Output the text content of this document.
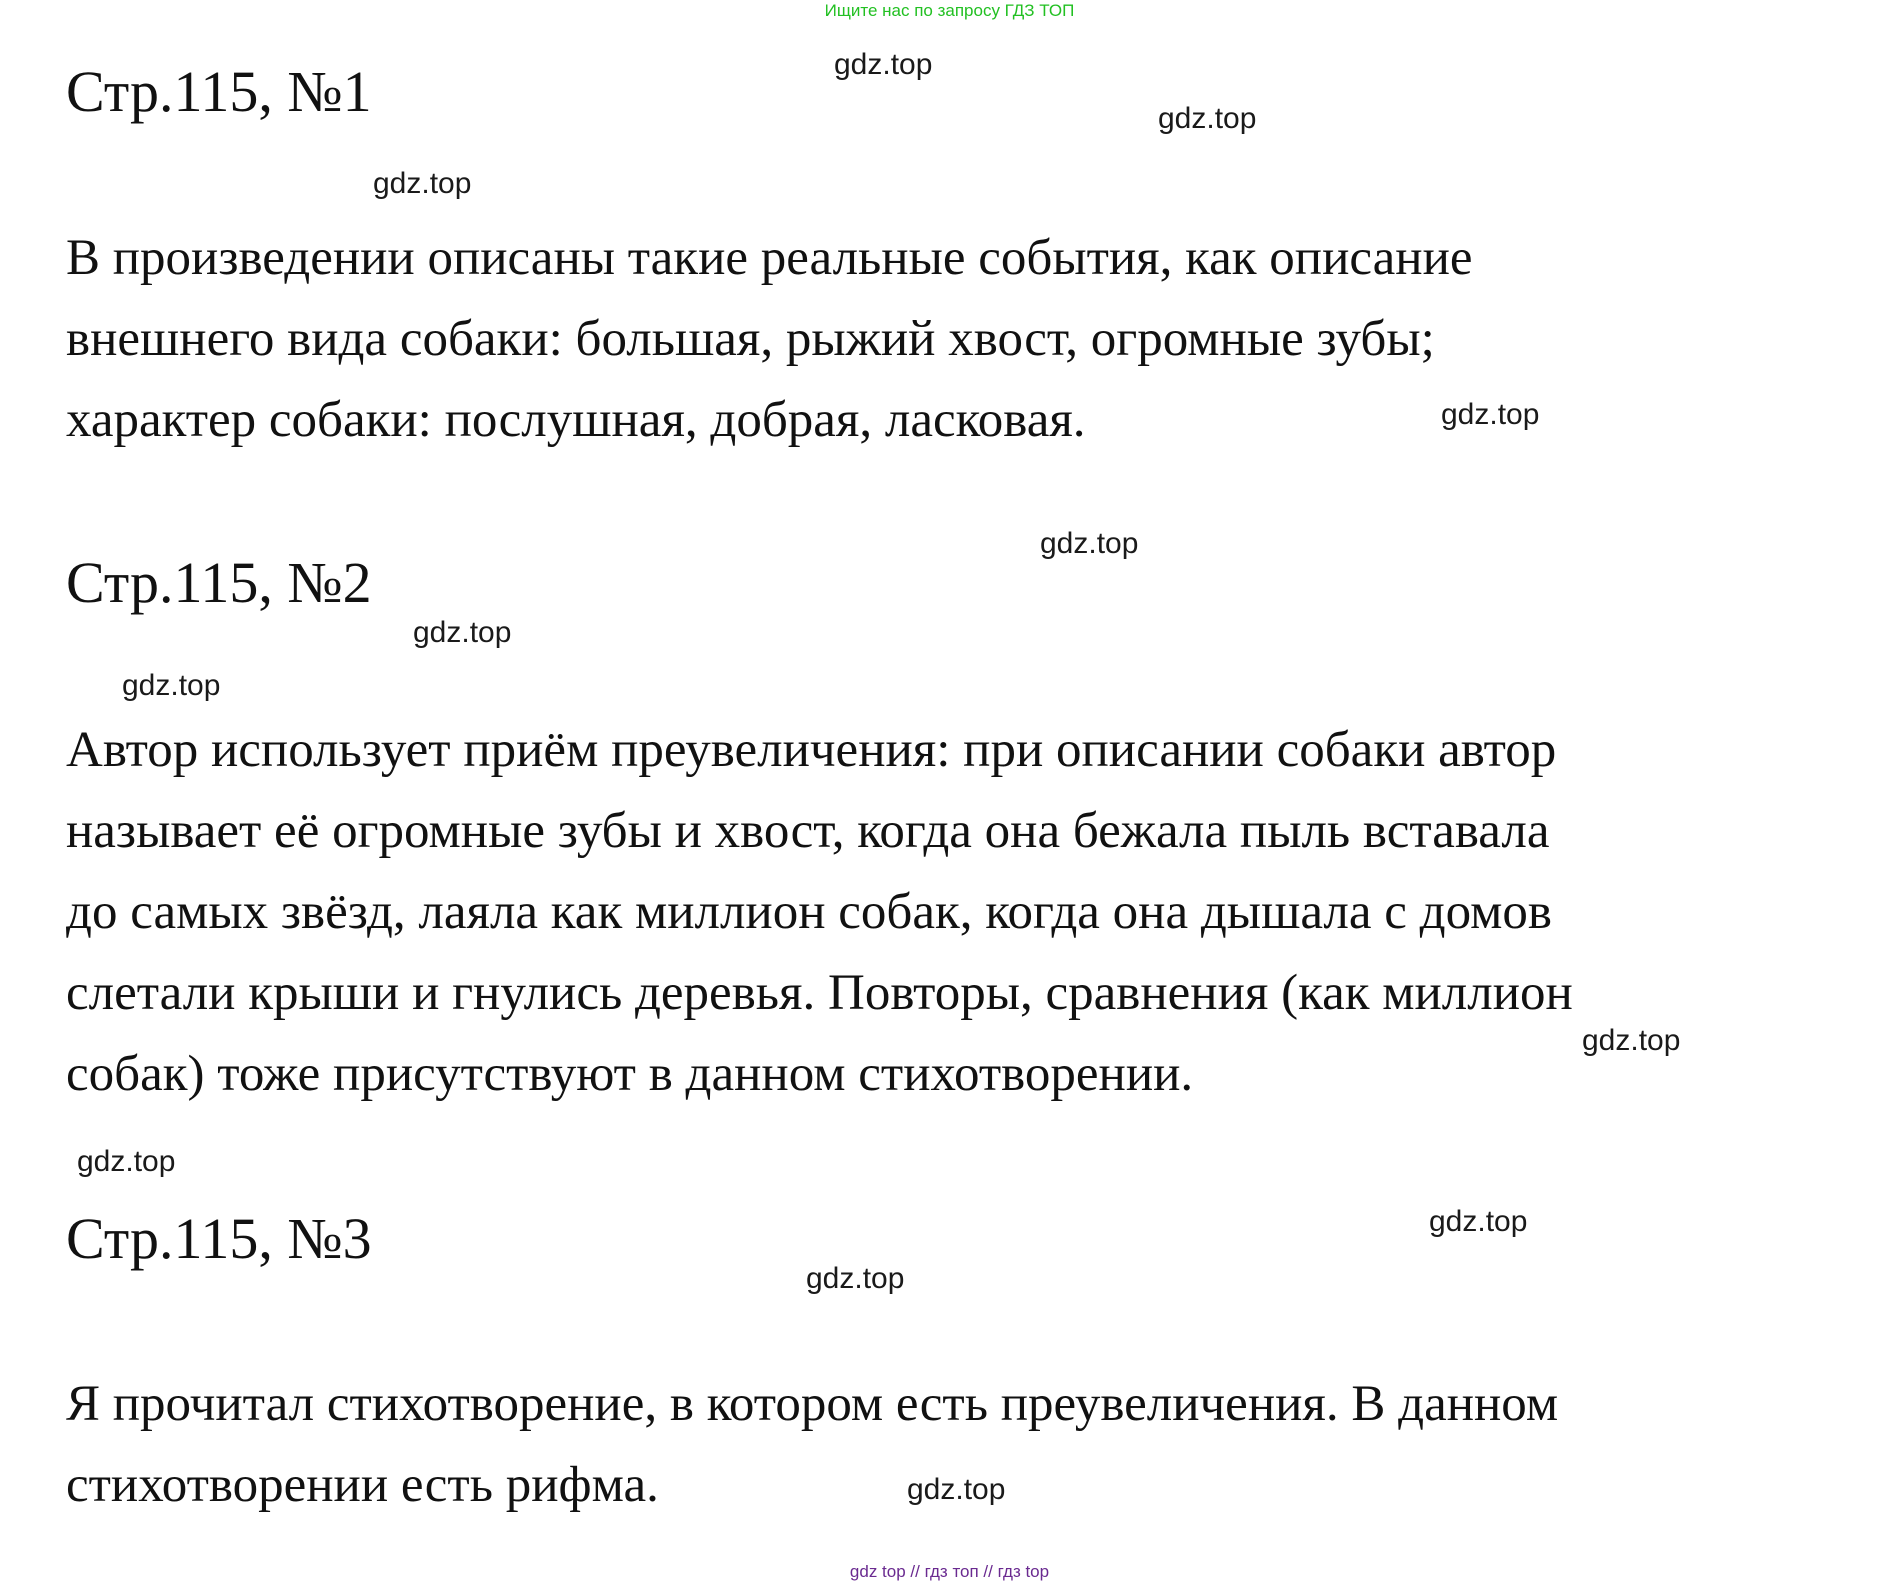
Ищите нас по запросу ГДЗ ТОП
Стр.115, №1

В произведении описаны такие реальные события, как описание
внешнего вида собаки: большая, рыжий хвост, огромные зубы;
характер собаки: послушная, добрая, ласковая.

Стр.115, №2

Автор использует приём преувеличения: при описании собаки автор
называет её огромные зубы и хвост, когда она бежала пыль вставала
до самых звёзд, лаяла как миллион собак, когда она дышала с домов
слетали крыши и гнулись деревья. Повторы, сравнения (как миллион
собак) тоже присутствуют в данном стихотворении.

Стр.115, №3

Я прочитал стихотворение, в котором есть преувеличения. В данном
стихотворении есть рифма.

gdz.top
gdz.top
gdz.top
gdz.top
gdz.top
gdz.top
gdz.top
gdz.top
gdz.top
gdz.top
gdz.top
gdz.top
gdz top // гдз топ // гдз top
